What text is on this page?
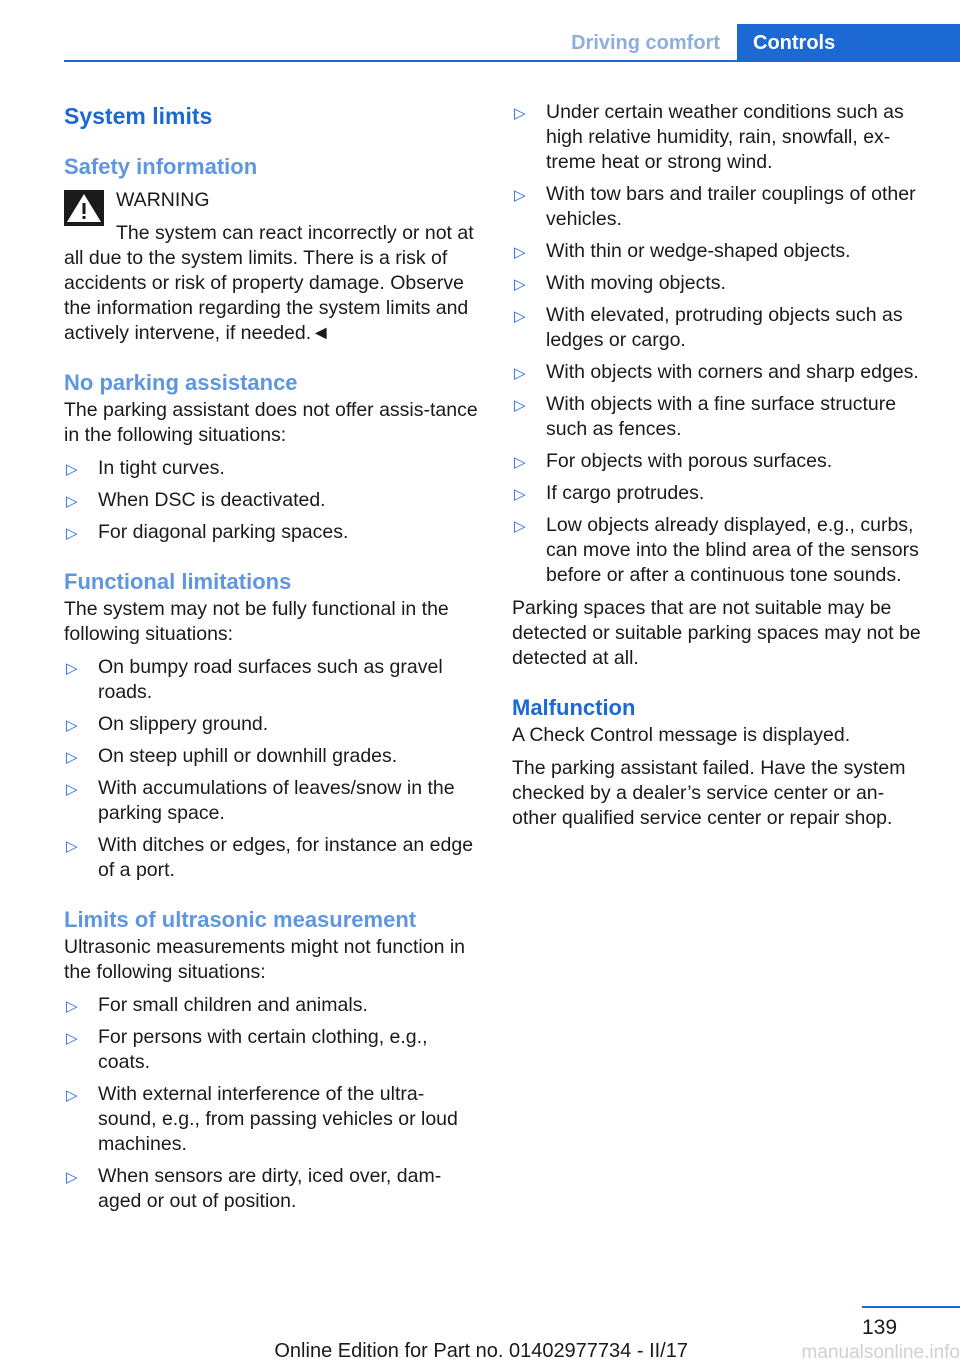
Driving comfort	Controls
System limits
Safety information
WARNING
The system can react incorrectly or not at all due to the system limits. There is a risk of accidents or risk of property damage. Observe the information regarding the system limits and actively intervene, if needed.◄
No parking assistance

The parking assistant does not offer assis-tance in the following situations:

▷ In tight curves.
▷ When DSC is deactivated.
▷ For diagonal parking spaces.
Functional limitations

The system may not be fully functional in the following situations:

▷ On bumpy road surfaces such as gravel roads.
▷ On slippery ground.
▷ On steep uphill or downhill grades.
▷ With accumulations of leaves/snow in the parking space.
▷ With ditches or edges, for instance an edge of a port.
Limits of ultrasonic measurement

Ultrasonic measurements might not function in the following situations:

▷ For small children and animals.
▷ For persons with certain clothing, e.g., coats.
▷ With external interference of the ultra-sound, e.g., from passing vehicles or loud machines.
▷ When sensors are dirty, iced over, dam-aged or out of position.
▷ Under certain weather conditions such as high relative humidity, rain, snowfall, ex-treme heat or strong wind.
▷ With tow bars and trailer couplings of other vehicles.
▷ With thin or wedge-shaped objects.
▷ With moving objects.
▷ With elevated, protruding objects such as ledges or cargo.
▷ With objects with corners and sharp edges.
▷ With objects with a fine surface structure such as fences.
▷ For objects with porous surfaces.
▷ If cargo protrudes.
▷ Low objects already displayed, e.g., curbs, can move into the blind area of the sensors before or after a continuous tone sounds.

Parking spaces that are not suitable may be detected or suitable parking spaces may not be detected at all.

Malfunction

A Check Control message is displayed.

The parking assistant failed. Have the system checked by a dealer’s service center or an-other qualified service center or repair shop.

139
Online Edition for Part no. 01402977734 - II/17	manualsonline.info
